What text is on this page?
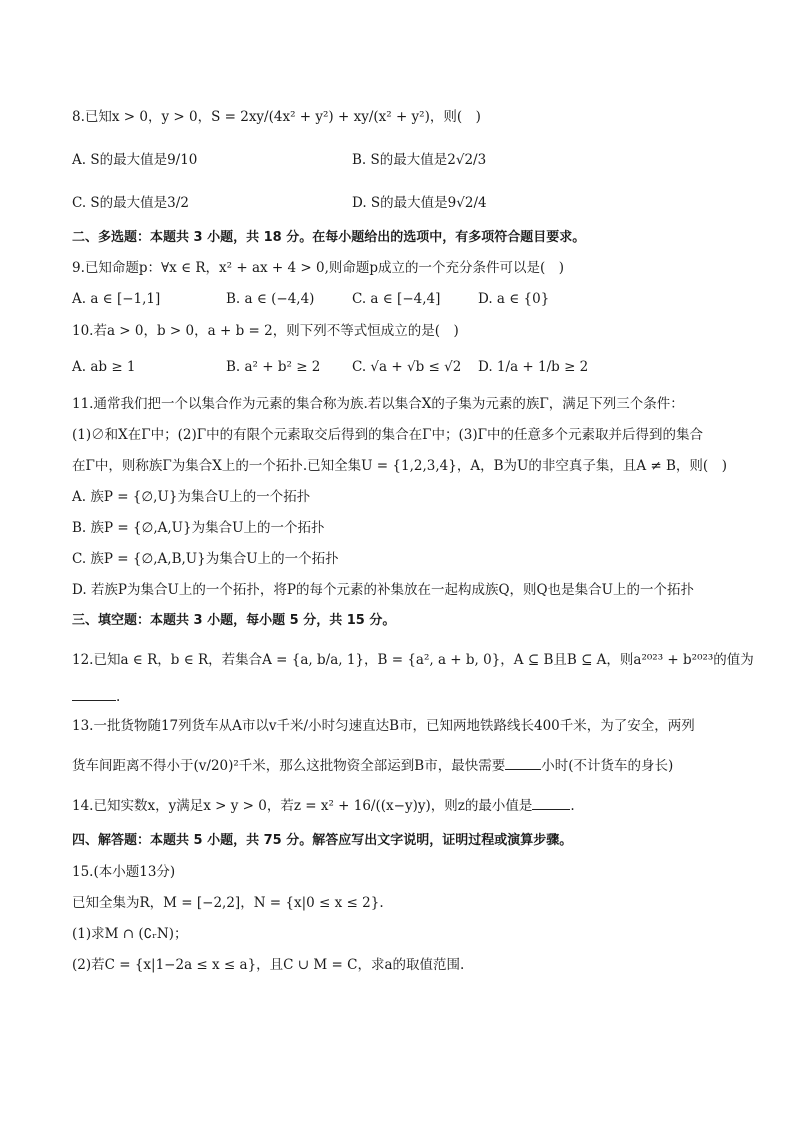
8.已知x > 0，y > 0，S = 2xy/(4x² + y²) + xy/(x² + y²)，则(　)
A. S的最大值是9/10	B. S的最大值是2√2/3
C. S的最大值是3/2	D. S的最大值是9√2/4
二、多选题：本题共 3 小题，共 18 分。在每小题给出的选项中，有多项符合题目要求。
9.已知命题p：∀x ∈ R，x² + ax + 4 > 0,则命题p成立的一个充分条件可以是(　)
A. a ∈ [−1,1]	B. a ∈ (−4,4)	C. a ∈ [−4,4]	D. a ∈ {0}
10.若a > 0，b > 0，a + b = 2，则下列不等式恒成立的是(　)
A. ab ≥ 1	B. a² + b² ≥ 2 C. √a + √b ≤ √2 D. 1/a + 1/b ≥ 2
11.通常我们把一个以集合作为元素的集合称为族.若以集合X的子集为元素的族Γ，满足下列三个条件：
(1)∅和X在Γ中；(2)Γ中的有限个元素取交后得到的集合在Γ中；(3)Γ中的任意多个元素取并后得到的集合
在Γ中，则称族Γ为集合X上的一个拓扑.已知全集U = {1,2,3,4}，A，B为U的非空真子集，且A ≠ B，则(　)
A. 族P = {∅,U}为集合U上的一个拓扑
B. 族P = {∅,A,U}为集合U上的一个拓扑
C. 族P = {∅,A,B,U}为集合U上的一个拓扑
D. 若族P为集合U上的一个拓扑，将P的每个元素的补集放在一起构成族Q，则Q也是集合U上的一个拓扑
三、填空题：本题共 3 小题，每小题 5 分，共 15 分。
12.已知a ∈ R，b ∈ R，若集合A = {a, b/a, 1}，B = {a², a + b, 0}，A ⊆ B且B ⊆ A，则a²⁰²³ + b²⁰²³的值为
.
13.一批货物随17列货车从A市以v千米/小时匀速直达B市，已知两地铁路线长400千米，为了安全，两列
货车间距离不得小于(v/20)²千米，那么这批物资全部运到B市，最快需要	小时(不计货车的身长)
14.已知实数x，y满足x > y > 0，若z = x² + 16/((x−y)y)，则z的最小值是	.
四、解答题：本题共 5 小题，共 75 分。解答应写出文字说明，证明过程或演算步骤。
15.(本小题13分)
已知全集为R，M = [−2,2]，N = {x|0 ≤ x ≤ 2}.
(1)求M ∩ (∁ᵣN)；
(2)若C = {x|1−2a ≤ x ≤ a}，且C ∪ M = C，求a的取值范围.
